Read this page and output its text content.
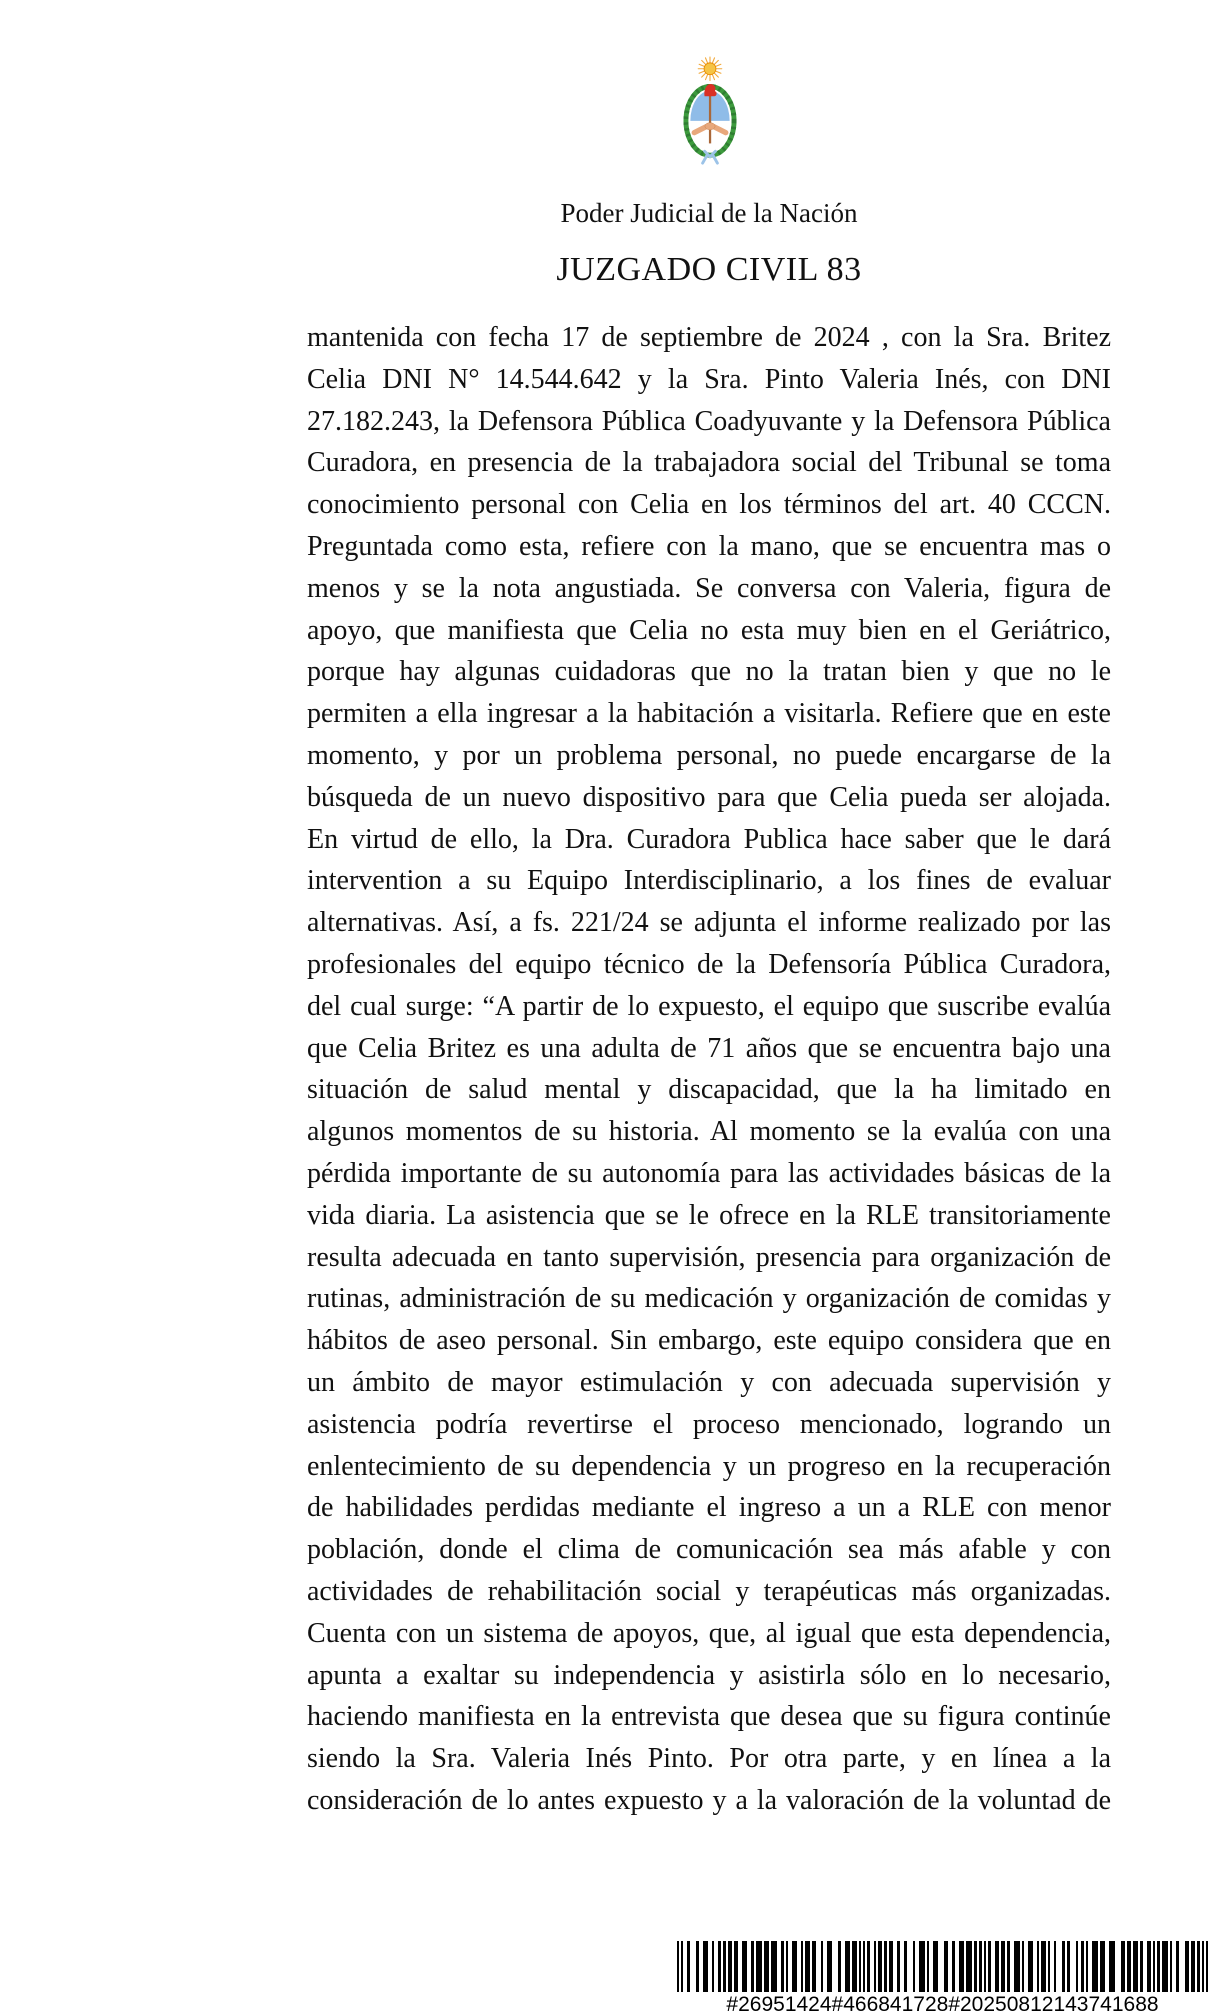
Poder Judicial de la Nación
JUZGADO CIVIL 83
mantenida con fecha 17 de septiembre de 2024 , con la Sra. Britez
Celia DNI N° 14.544.642 y la Sra. Pinto Valeria Inés, con DNI
27.182.243, la Defensora Pública Coadyuvante y la Defensora Pública
Curadora, en presencia de la trabajadora social del Tribunal se toma
conocimiento personal con Celia en los términos del art. 40 CCCN.
Preguntada como esta, refiere con la mano, que se encuentra mas o
menos y se la nota angustiada. Se conversa con Valeria, figura de
apoyo, que manifiesta que Celia no esta muy bien en el Geriátrico,
porque hay algunas cuidadoras que no la tratan bien y que no le
permiten a ella ingresar a la habitación a visitarla. Refiere que en este
momento, y por un problema personal, no puede encargarse de la
búsqueda de un nuevo dispositivo para que Celia pueda ser alojada.
En virtud de ello, la Dra. Curadora Publica hace saber que le dará
intervention a su Equipo Interdisciplinario, a los fines de evaluar
alternativas. Así, a fs. 221/24 se adjunta el informe realizado por las
profesionales del equipo técnico de la Defensoría Pública Curadora,
del cual surge: “A partir de lo expuesto, el equipo que suscribe evalúa
que Celia Britez es una adulta de 71 años que se encuentra bajo una
situación de salud mental y discapacidad, que la ha limitado en
algunos momentos de su historia. Al momento se la evalúa con una
pérdida importante de su autonomía para las actividades básicas de la
vida diaria. La asistencia que se le ofrece en la RLE transitoriamente
resulta adecuada en tanto supervisión, presencia para organización de
rutinas, administración de su medicación y organización de comidas y
hábitos de aseo personal. Sin embargo, este equipo considera que en
un ámbito de mayor estimulación y con adecuada supervisión y
asistencia podría revertirse el proceso mencionado, logrando un
enlentecimiento de su dependencia y un progreso en la recuperación
de habilidades perdidas mediante el ingreso a un a RLE con menor
población, donde el clima de comunicación sea más afable y con
actividades de rehabilitación social y terapéuticas más organizadas.
Cuenta con un sistema de apoyos, que, al igual que esta dependencia,
apunta a exaltar su independencia y asistirla sólo en lo necesario,
haciendo manifiesta en la entrevista que desea que su figura continúe
siendo la Sra. Valeria Inés Pinto. Por otra parte, y en línea a la
consideración de lo antes expuesto y a la valoración de la voluntad de
#26951424#466841728#20250812143741688
